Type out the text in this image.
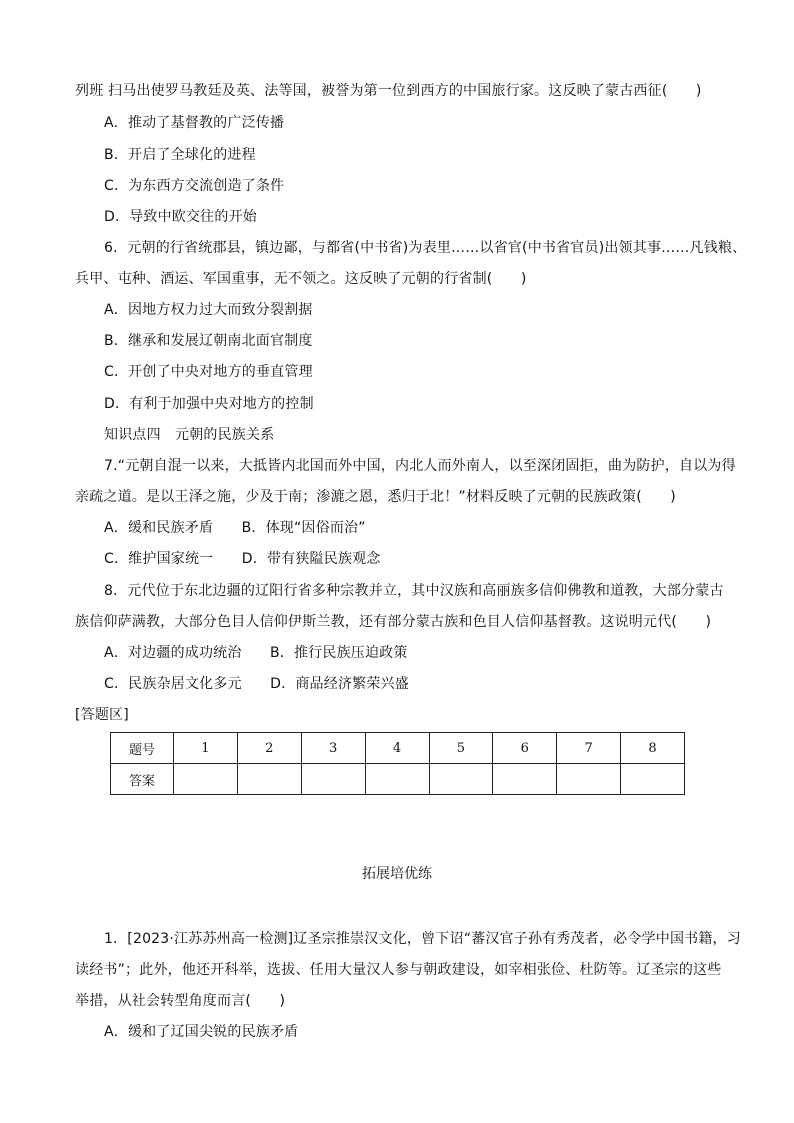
列班 扫马出使罗马教廷及英、法等国，被誉为第一位到西方的中国旅行家。这反映了蒙古西征(　　)
A．推动了基督教的广泛传播
B．开启了全球化的进程
C．为东西方交流创造了条件
D．导致中欧交往的开始
6．元朝的行省统郡县，镇边鄙，与都省(中书省)为表里……以省官(中书省官员)出领其事……凡钱粮、
兵甲、屯种、酒运、军国重事，无不领之。这反映了元朝的行省制(　　)
A．因地方权力过大而致分裂割据
B．继承和发展辽朝南北面官制度
C．开创了中央对地方的垂直管理
D．有利于加强中央对地方的控制
知识点四　元朝的民族关系
7.“元朝自混一以来，大抵皆内北国而外中国，内北人而外南人，以至深闭固拒，曲为防护，自以为得
亲疏之道。是以王泽之施，少及于南；渗漉之恩，悉归于北！”材料反映了元朝的民族政策(　　)
A．缓和民族矛盾　　B．体现“因俗而治”
C．维护国家统一　　D．带有狭隘民族观念
8．元代位于东北边疆的辽阳行省多种宗教并立，其中汉族和高丽族多信仰佛教和道教，大部分蒙古
族信仰萨满教，大部分色目人信仰伊斯兰教，还有部分蒙古族和色目人信仰基督教。这说明元代(　　)
A．对边疆的成功统治　　B．推行民族压迫政策
C．民族杂居文化多元　　D．商品经济繁荣兴盛
[答题区]
题号	1	2	3	4	5	6	7	8
答案								
拓展培优练
1．[2023·江苏苏州高一检测]辽圣宗推崇汉文化，曾下诏“蕃汉官子孙有秀茂者，必令学中国书籍，习
读经书”；此外，他还开科举，选拔、任用大量汉人参与朝政建设，如宰相张俭、杜防等。辽圣宗的这些
举措，从社会转型角度而言(　　)
A．缓和了辽国尖锐的民族矛盾
